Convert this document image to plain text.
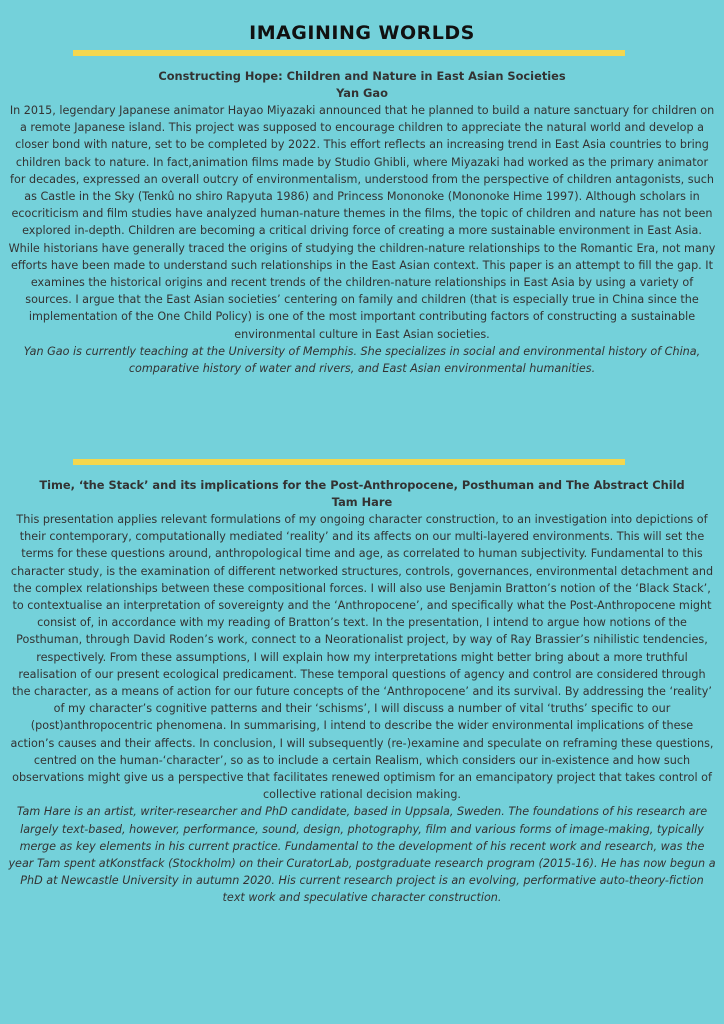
IMAGINING WORLDS
Constructing Hope: Children and Nature in East Asian Societies
Yan Gao

In 2015, legendary Japanese animator Hayao Miyazaki announced that he planned to build a nature sanctuary for children on a remote Japanese island. This project was supposed to encourage children to appreciate the natural world and develop a closer bond with nature, set to be completed by 2022. This effort reflects an increasing trend in East Asia countries to bring children back to nature. In fact,animation films made by Studio Ghibli, where Miyazaki had worked as the primary animator for decades, expressed an overall outcry of environmentalism, understood from the perspective of children antagonists, such as Castle in the Sky (Tenkû no shiro Rapyuta 1986) and Princess Mononoke (Mononoke Hime 1997). Although scholars in ecocriticism and film studies have analyzed human-nature themes in the films, the topic of children and nature has not been explored in-depth. Children are becoming a critical driving force of creating a more sustainable environment in East Asia. While historians have generally traced the origins of studying the children-nature relationships to the Romantic Era, not many efforts have been made to understand such relationships in the East Asian context. This paper is an attempt to fill the gap. It examines the historical origins and recent trends of the children-nature relationships in East Asia by using a variety of sources. I argue that the East Asian societies’ centering on family and children (that is especially true in China since the implementation of the One Child Policy) is one of the most important contributing factors of constructing a sustainable environmental culture in East Asian societies.

Yan Gao is currently teaching at the University of Memphis. She specializes in social and environmental history of China, comparative history of water and rivers, and East Asian environmental humanities.

Time, ‘the Stack’ and its implications for the Post-Anthropocene, Posthuman and The Abstract Child
Tam Hare

This presentation applies relevant formulations of my ongoing character construction, to an investigation into depictions of their contemporary, computationally mediated ‘reality’ and its affects on our multi-layered environments. This will set the terms for these questions around, anthropological time and age, as correlated to human subjectivity. Fundamental to this character study, is the examination of different networked structures, controls, governances, environmental detachment and the complex relationships between these compositional forces. I will also use Benjamin Bratton’s notion of the ‘Black Stack’, to contextualise an interpretation of sovereignty and the ‘Anthropocene’, and specifically what the Post-Anthropocene might consist of, in accordance with my reading of Bratton’s text. In the presentation, I intend to argue how notions of the Posthuman, through David Roden’s work, connect to a Neorationalist project, by way of Ray Brassier’s nihilistic tendencies, respectively. From these assumptions, I will explain how my interpretations might better bring about a more truthful realisation of our present ecological predicament. These temporal questions of agency and control are considered through the character, as a means of action for our future concepts of the ‘Anthropocene’ and its survival. By addressing the ‘reality’ of my character’s cognitive patterns and their ‘schisms’, I will discuss a number of vital ‘truths’ specific to our (post)anthropocentric phenomena. In summarising, I intend to describe the wider environmental implications of these action’s causes and their affects. In conclusion, I will subsequently (re-)examine and speculate on reframing these questions, centred on the human-‘character’, so as to include a certain Realism, which considers our in-existence and how such observations might give us a perspective that facilitates renewed optimism for an emancipatory project that takes control of collective rational decision making.

Tam Hare is an artist, writer-researcher and PhD candidate, based in Uppsala, Sweden. The foundations of his research are largely text-based, however, performance, sound, design, photography, film and various forms of image-making, typically merge as key elements in his current practice. Fundamental to the development of his recent work and research, was the year Tam spent atKonstfack (Stockholm) on their CuratorLab, postgraduate research program (2015-16). He has now begun a PhD at Newcastle University in autumn 2020. His current research project is an evolving, performative auto-theory-fiction text work and speculative character construction.
